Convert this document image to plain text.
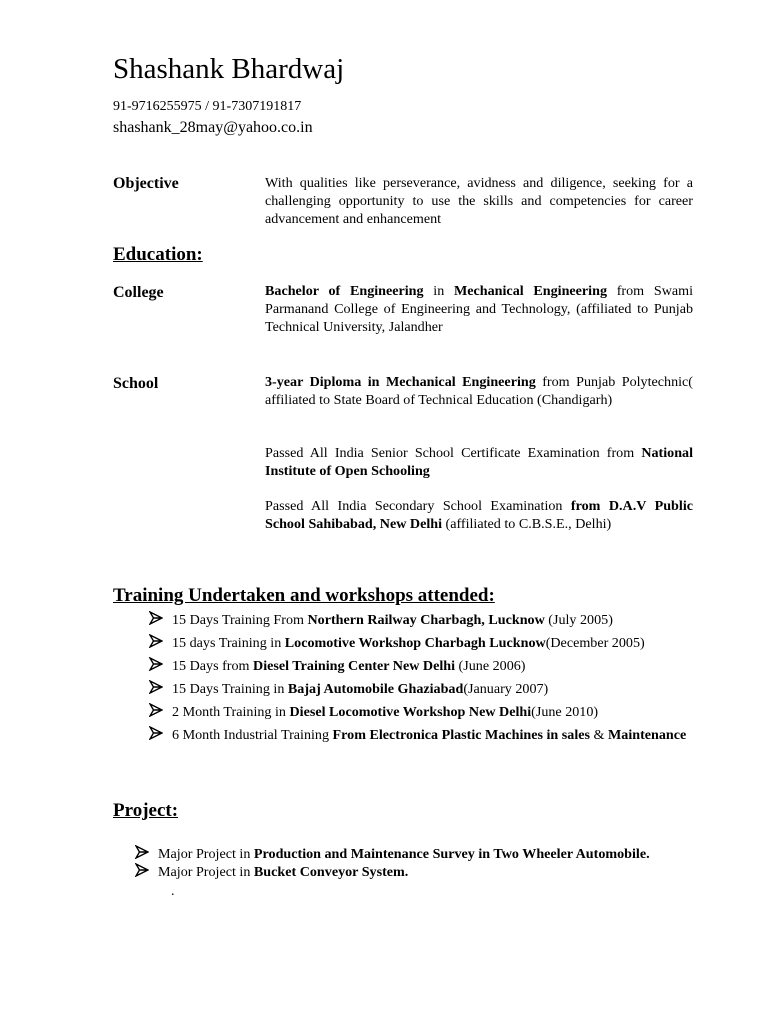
Shashank Bhardwaj
91-9716255975 / 91-7307191817
shashank_28may@yahoo.co.in
Objective	With qualities like perseverance, avidness and diligence, seeking for a challenging opportunity to use the skills and competencies for career advancement and enhancement
Education:
College	Bachelor of Engineering in Mechanical Engineering from Swami Parmanand College of Engineering and Technology, (affiliated to Punjab Technical University, Jalandher
School	3-year Diploma in Mechanical Engineering from Punjab Polytechnic( affiliated to State Board of Technical Education (Chandigarh)
Passed All India Senior School Certificate Examination from National Institute of Open Schooling
Passed All India Secondary School Examination from D.A.V Public School Sahibabad, New Delhi (affiliated to C.B.S.E., Delhi)
Training Undertaken and workshops attended:
15 Days Training From Northern Railway Charbagh, Lucknow (July 2005)
15 days Training in Locomotive Workshop Charbagh Lucknow(December 2005)
15 Days from Diesel Training Center New Delhi (June 2006)
15 Days Training in Bajaj Automobile Ghaziabad(January 2007)
2 Month Training in Diesel Locomotive Workshop New Delhi(June 2010)
6 Month Industrial Training From Electronica Plastic Machines in sales & Maintenance
Project:
Major Project in Production and Maintenance Survey in Two Wheeler Automobile.
Major Project in Bucket Conveyor System.
.
